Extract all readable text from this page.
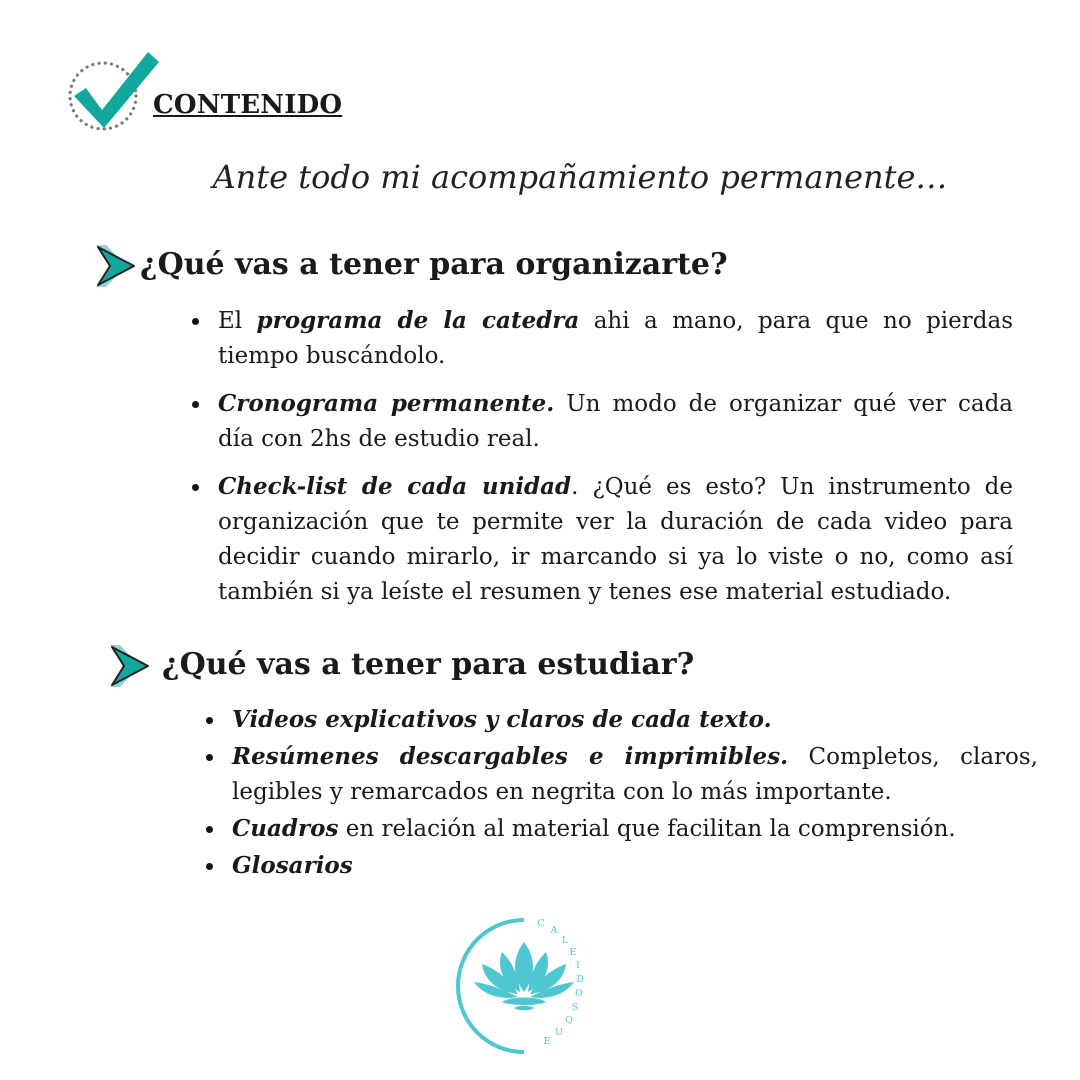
CONTENIDO
Ante todo mi acompañamiento permanente…
¿Qué vas a tener para organizarte?
El programa de la catedra ahi a mano, para que no pierdas tiempo buscándolo.
Cronograma permanente. Un modo de organizar qué ver cada día con 2hs de estudio real.
Check-list de cada unidad. ¿Qué es esto? Un instrumento de organización que te permite ver la duración de cada video para decidir cuando mirarlo, ir marcando si ya lo viste o no, como así también si ya leíste el resumen y tenes ese material estudiado.
¿Qué vas a tener para estudiar?
Videos explicativos y claros de cada texto.
Resúmenes descargables e imprimibles. Completos, claros, legibles y remarcados en negrita con lo más importante.
Cuadros en relación al material que facilitan la comprensión.
Glosarios
C
A
L
E
I
D
O
S
Q
U
E
